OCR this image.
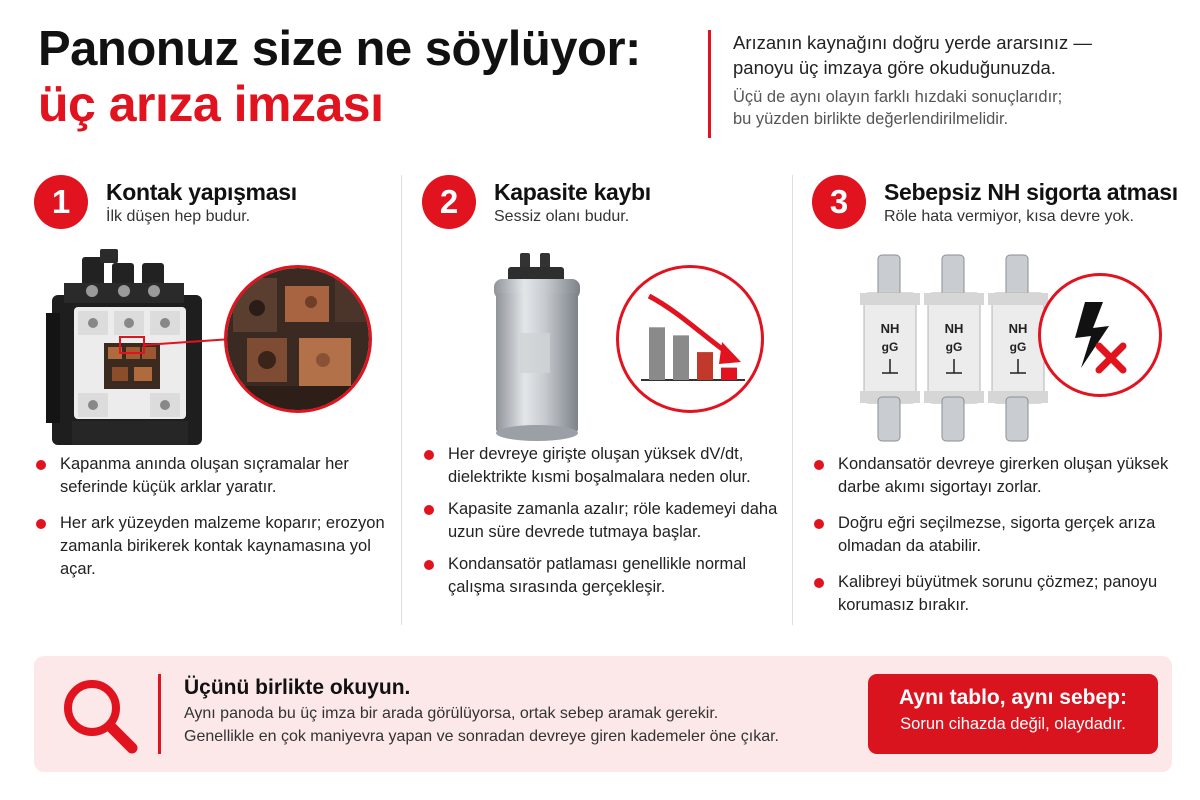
Panonuz size ne söylüyor:
üç arıza imzası
Arızanın kaynağını doğru yerde ararsınız —
panoyu üç imzaya göre okuduğunuzda.
Üçü de aynı olayın farklı hızdaki sonuçlarıdır;
bu yüzden birlikte değerlendirilmelidir.
1	Kontak yapışması
İlk düşen hep budur.
Kapanma anında oluşan sıçramalar her seferinde küçük arklar yaratır.
Her ark yüzeyden malzeme koparır; erozyon zamanla birikerek kontak kaynamasına yol açar.
2	Kapasite kaybı
Sessiz olanı budur.
Her devreye girişte oluşan yüksek dV/dt, dielektrikte kısmi boşalmalara neden olur.
Kapasite zamanla azalır; röle kademeyi daha uzun süre devrede tutmaya başlar.
Kondansatör patlaması genellikle normal çalışma sırasında gerçekleşir.
3	Sebepsiz NH sigorta atması
Röle hata vermiyor, kısa devre yok.
NH
gG
NH
gG
NH
gG
Kondansatör devreye girerken oluşan yüksek darbe akımı sigortayı zorlar.
Doğru eğri seçilmezse, sigorta gerçek arıza olmadan da atabilir.
Kalibreyi büyütmek sorunu çözmez; panoyu korumasız bırakır.
Üçünü birlikte okuyun.
Aynı panoda bu üç imza bir arada görülüyorsa, ortak sebep aramak gerekir.
Genellikle en çok maniyevra yapan ve sonradan devreye giren kademeler öne çıkar.
Aynı tablo, aynı sebep:
Sorun cihazda değil, olaydadır.
